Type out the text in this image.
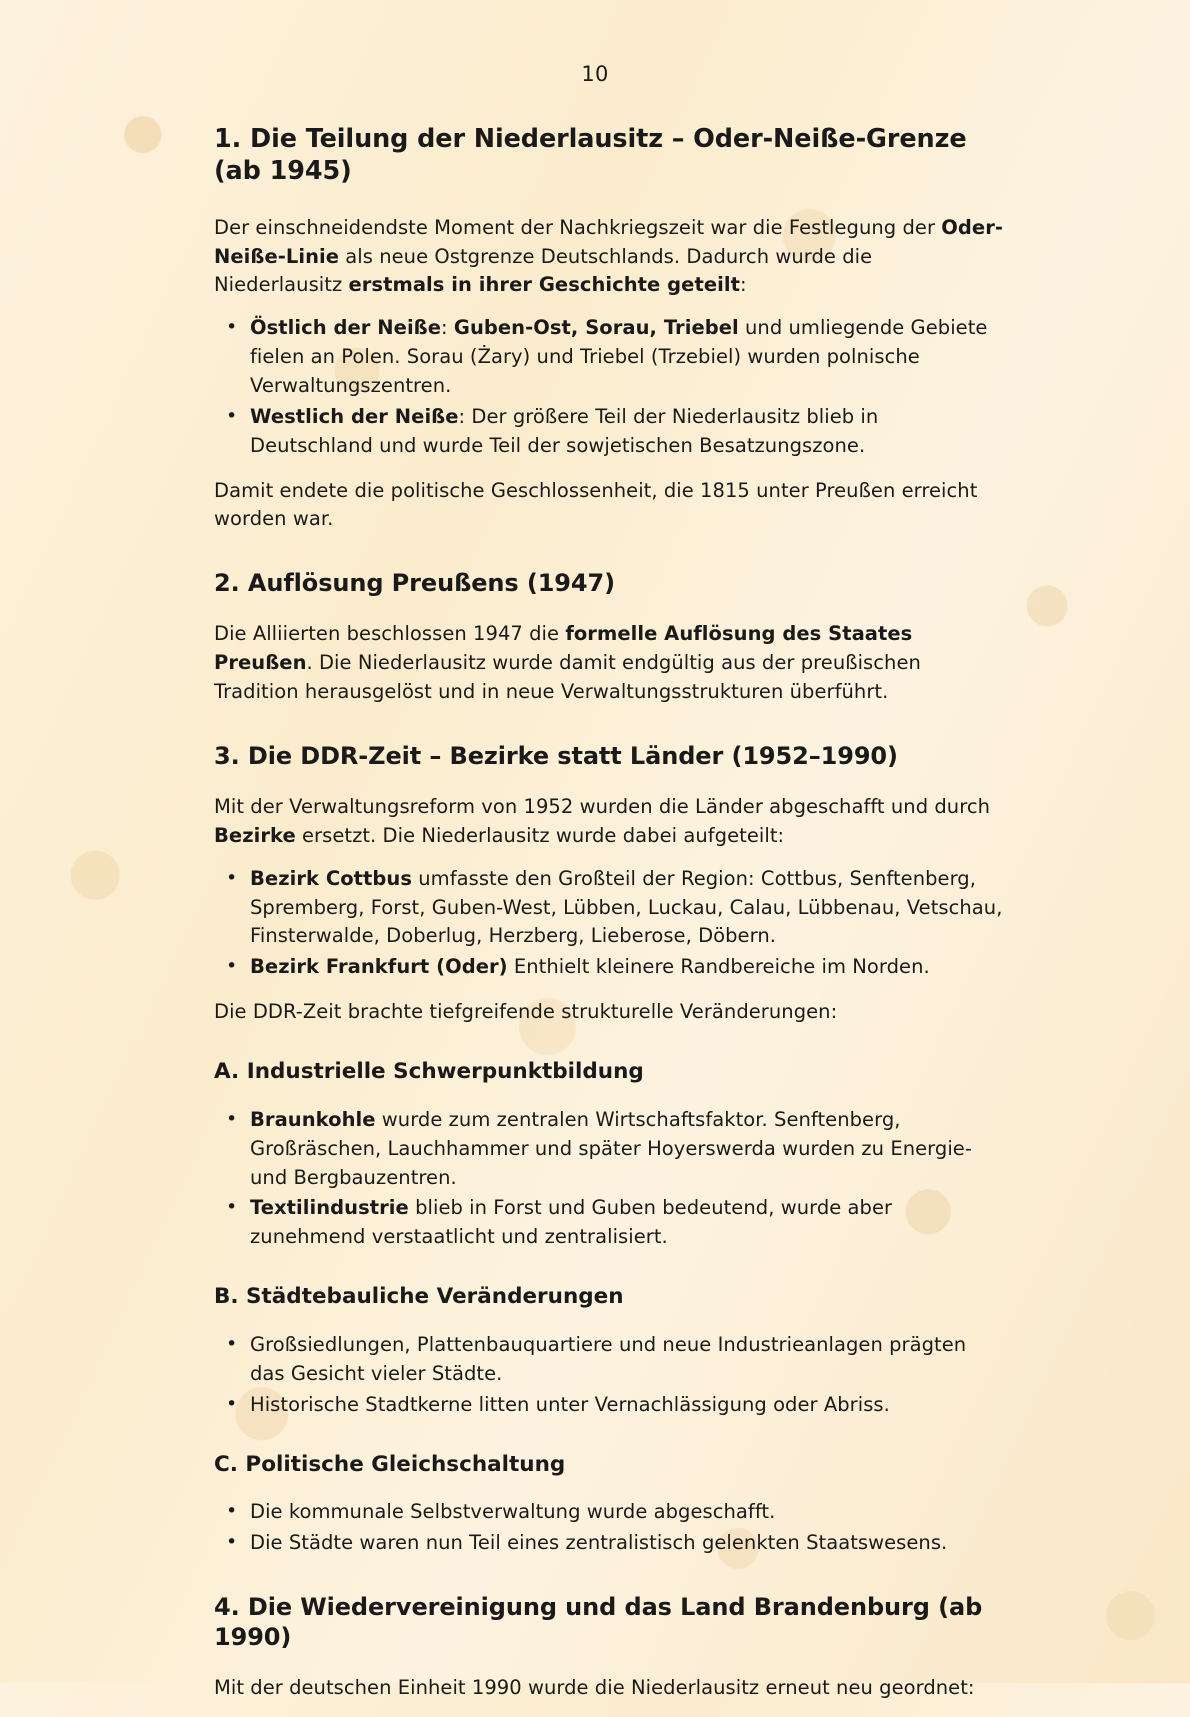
10
1. Die Teilung der Niederlausitz – Oder-Neiße-Grenze (ab 1945)

Der einschneidendste Moment der Nachkriegszeit war die Festlegung der Oder-Neiße-Linie als neue Ostgrenze Deutschlands. Dadurch wurde die Niederlausitz erstmals in ihrer Geschichte geteilt:

• Östlich der Neiße: Guben-Ost, Sorau, Triebel und umliegende Gebiete fielen an Polen. Sorau (Żary) und Triebel (Trzebiel) wurden polnische Verwaltungszentren.
• Westlich der Neiße: Der größere Teil der Niederlausitz blieb in Deutschland und wurde Teil der sowjetischen Besatzungszone.

Damit endete die politische Geschlossenheit, die 1815 unter Preußen erreicht worden war.

2. Auflösung Preußens (1947)

Die Alliierten beschlossen 1947 die formelle Auflösung des Staates Preußen. Die Niederlausitz wurde damit endgültig aus der preußischen Tradition herausgelöst und in neue Verwaltungsstrukturen überführt.

3. Die DDR-Zeit – Bezirke statt Länder (1952–1990)

Mit der Verwaltungsreform von 1952 wurden die Länder abgeschafft und durch Bezirke ersetzt. Die Niederlausitz wurde dabei aufgeteilt:

• Bezirk Cottbus umfasste den Großteil der Region: Cottbus, Senftenberg, Spremberg, Forst, Guben-West, Lübben, Luckau, Calau, Lübbenau, Vetschau, Finsterwalde, Doberlug, Herzberg, Lieberose, Döbern.
• Bezirk Frankfurt (Oder) Enthielt kleinere Randbereiche im Norden.

Die DDR-Zeit brachte tiefgreifende strukturelle Veränderungen:

A. Industrielle Schwerpunktbildung
• Braunkohle wurde zum zentralen Wirtschaftsfaktor. Senftenberg, Großräschen, Lauchhammer und später Hoyerswerda wurden zu Energie- und Bergbauzentren.
• Textilindustrie blieb in Forst und Guben bedeutend, wurde aber zunehmend verstaatlicht und zentralisiert.
B. Städtebauliche Veränderungen
• Großsiedlungen, Plattenbauquartiere und neue Industrieanlagen prägten das Gesicht vieler Städte.
• Historische Stadtkerne litten unter Vernachlässigung oder Abriss.
C. Politische Gleichschaltung
• Die kommunale Selbstverwaltung wurde abgeschafft.
• Die Städte waren nun Teil eines zentralistisch gelenkten Staatswesens.
4. Die Wiedervereinigung und das Land Brandenburg (ab 1990)

Mit der deutschen Einheit 1990 wurde die Niederlausitz erneut neu geordnet:
